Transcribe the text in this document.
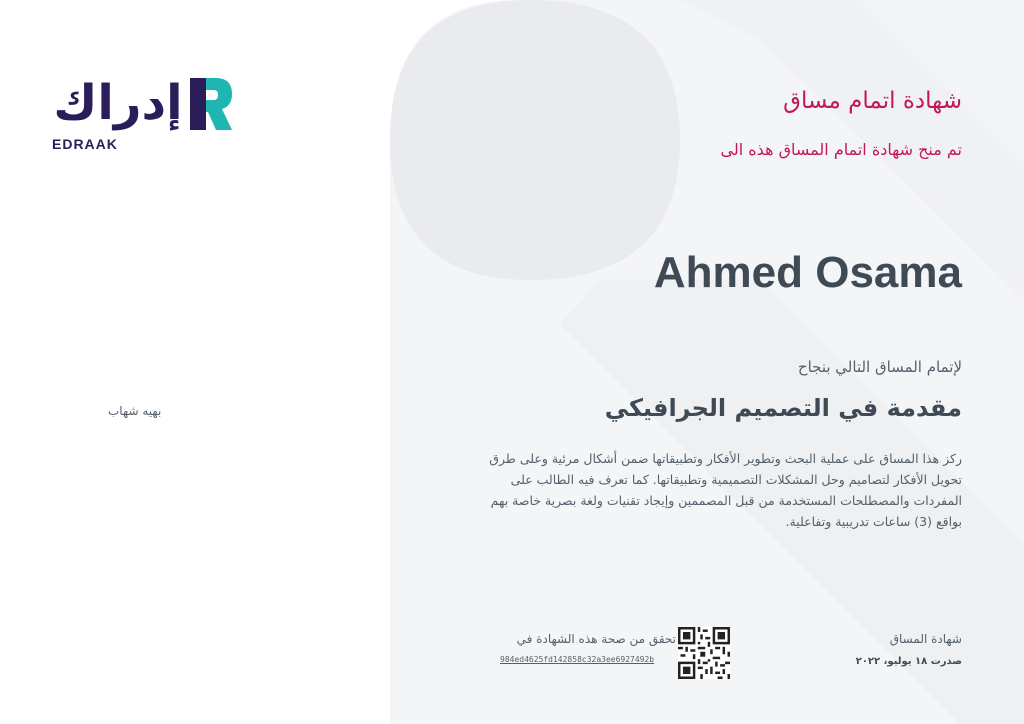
إدراك
EDRAAK
شهادة اتمام مساق
تم منح شهادة اتمام المساق هذه الى
Ahmed Osama
لإتمام المساق التالي بنجاح
مقدمة في التصميم الجرافيكي
ركز هذا المساق على عملية البحث وتطوير الأفكار وتطبيقاتها ضمن أشكال مرئية وعلى طرق تحويل الأفكار لتصاميم وحل المشكلات التصميمية وتطبيقاتها. كما تعرف فيه الطالب على المفردات والمصطلحات المستخدمة من قبل المصممين وإيجاد تقنيات ولغة بصرية خاصة بهم بواقع (3) ساعات تدريبية وتفاعلية.
بهيه شهاب
شهادة المساق
صدرت ١٨ يوليو، ٢٠٢٢
تحقق من صحة هذه الشهادة في
984ed4625fd142858c32a3ee6927492b
